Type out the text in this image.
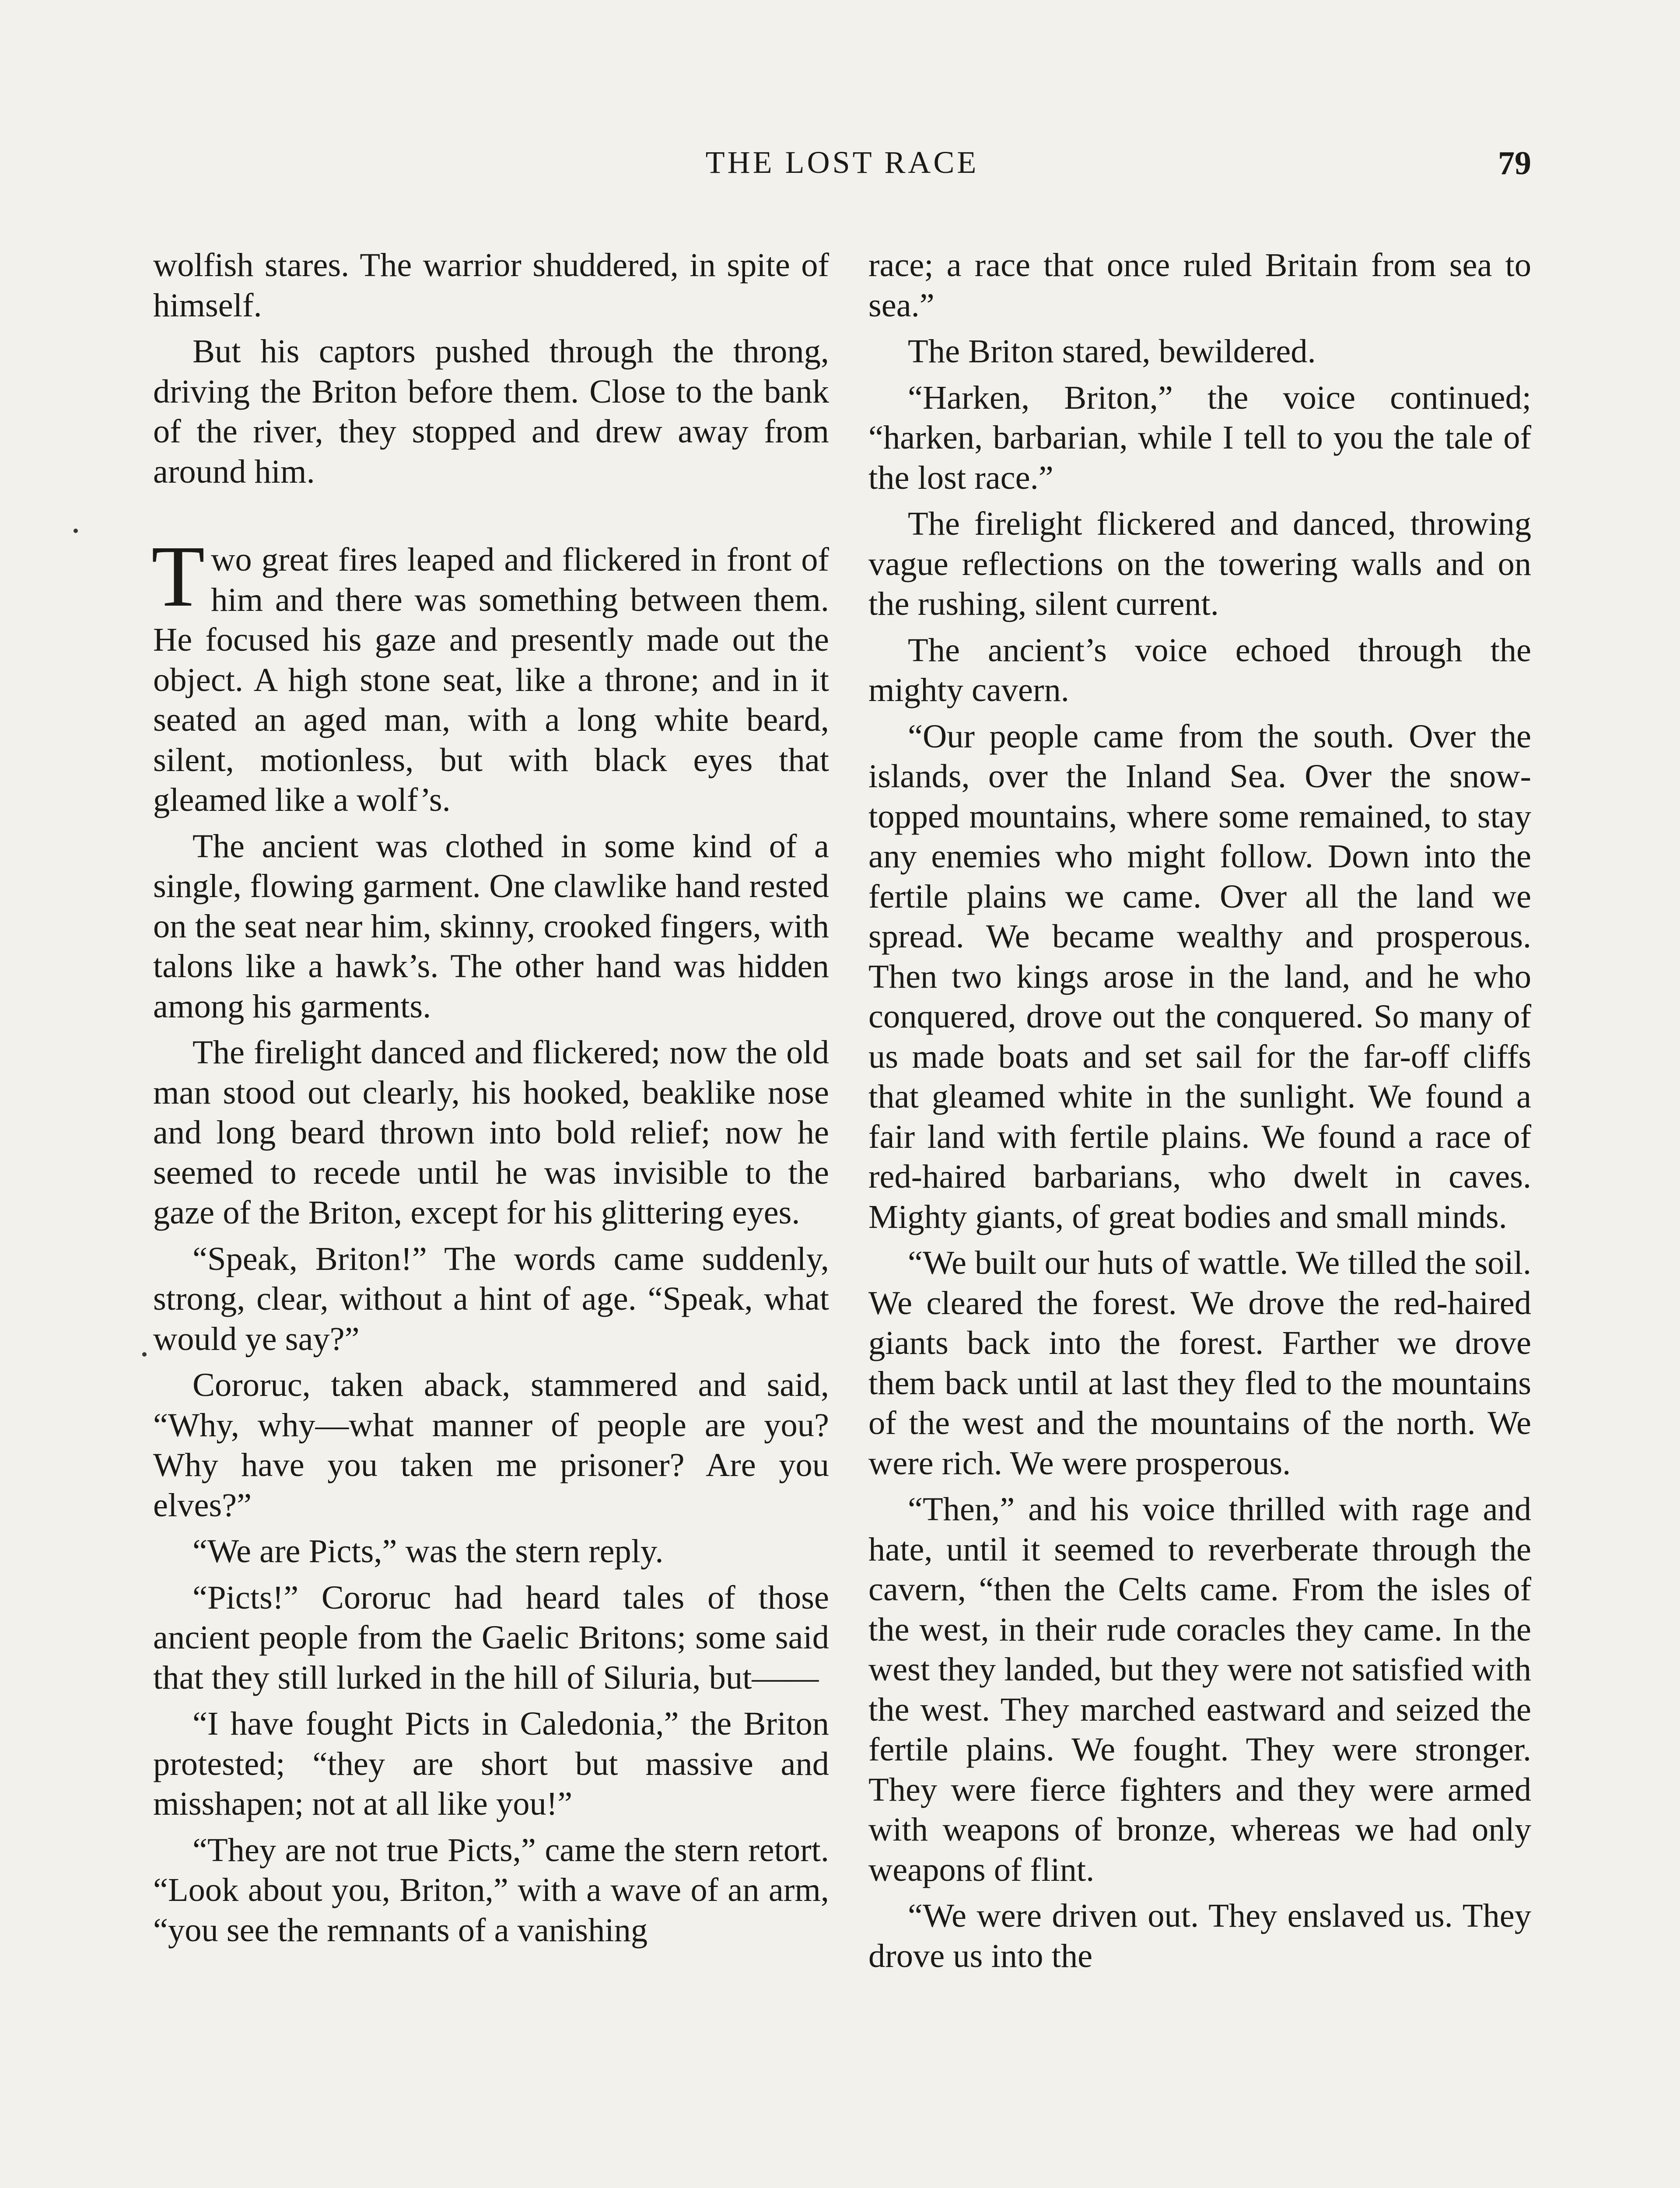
THE LOST RACE	79

wolfish stares. The warrior shuddered, in spite of himself.

But his captors pushed through the throng, driving the Briton before them. Close to the bank of the river, they stopped and drew away from around him.

Two great fires leaped and flickered in front of him and there was something between them. He focused his gaze and presently made out the object. A high stone seat, like a throne; and in it seated an aged man, with a long white beard, silent, motionless, but with black eyes that gleamed like a wolf’s.

The ancient was clothed in some kind of a single, flowing garment. One clawlike hand rested on the seat near him, skinny, crooked fingers, with talons like a hawk’s. The other hand was hidden among his garments.

The firelight danced and flickered; now the old man stood out clearly, his hooked, beaklike nose and long beard thrown into bold relief; now he seemed to recede until he was invisible to the gaze of the Briton, except for his glittering eyes.

“Speak, Briton!” The words came suddenly, strong, clear, without a hint of age. “Speak, what would ye say?”

Cororuc, taken aback, stammered and said, “Why, why—what manner of people are you? Why have you taken me prisoner? Are you elves?”

“We are Picts,” was the stern reply.

“Picts!” Cororuc had heard tales of those ancient people from the Gaelic Britons; some said that they still lurked in the hill of Siluria, but——

“I have fought Picts in Caledonia,” the Briton protested; “they are short but massive and misshapen; not at all like you!”

“They are not true Picts,” came the stern retort. “Look about you, Briton,” with a wave of an arm, “you see the remnants of a vanishing

race; a race that once ruled Britain from sea to sea.”

The Briton stared, bewildered.

“Harken, Briton,” the voice continued; “harken, barbarian, while I tell to you the tale of the lost race.”

The firelight flickered and danced, throwing vague reflections on the towering walls and on the rushing, silent current.

The ancient’s voice echoed through the mighty cavern.

“Our people came from the south. Over the islands, over the Inland Sea. Over the snow-topped mountains, where some remained, to stay any enemies who might follow. Down into the fertile plains we came. Over all the land we spread. We became wealthy and prosperous. Then two kings arose in the land, and he who conquered, drove out the conquered. So many of us made boats and set sail for the far-off cliffs that gleamed white in the sunlight. We found a fair land with fertile plains. We found a race of red-haired barbarians, who dwelt in caves. Mighty giants, of great bodies and small minds.

“We built our huts of wattle. We tilled the soil. We cleared the forest. We drove the red-haired giants back into the forest. Farther we drove them back until at last they fled to the mountains of the west and the mountains of the north. We were rich. We were prosperous.

“Then,” and his voice thrilled with rage and hate, until it seemed to reverberate through the cavern, “then the Celts came. From the isles of the west, in their rude coracles they came. In the west they landed, but they were not satisfied with the west. They marched eastward and seized the fertile plains. We fought. They were stronger. They were fierce fighters and they were armed with weapons of bronze, whereas we had only weapons of flint.

“We were driven out. They enslaved us. They drove us into the
